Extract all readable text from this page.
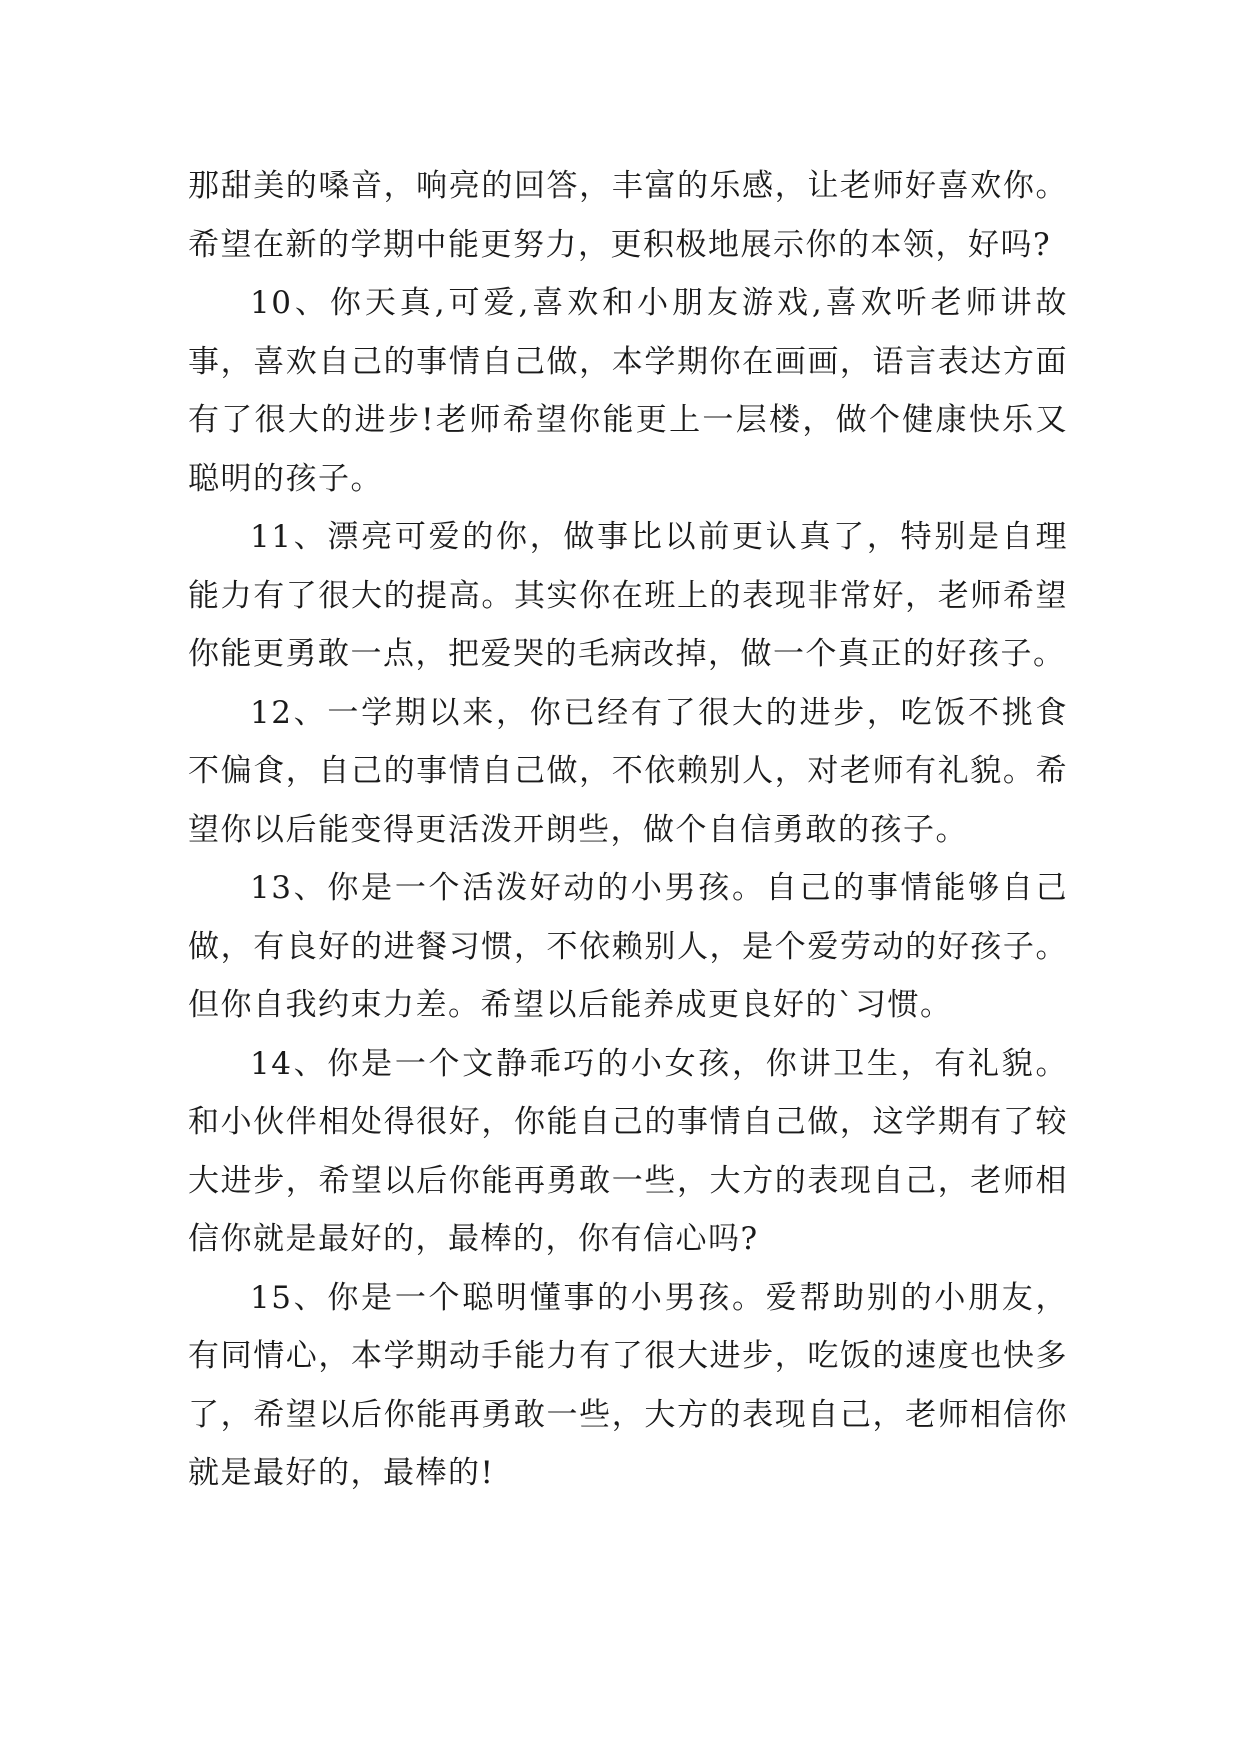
那甜美的嗓音，响亮的回答，丰富的乐感，让老师好喜欢你。希望在新的学期中能更努力，更积极地展示你的本领，好吗?

10、你天真,可爱,喜欢和小朋友游戏,喜欢听老师讲故事，喜欢自己的事情自己做，本学期你在画画，语言表达方面有了很大的进步!老师希望你能更上一层楼，做个健康快乐又聪明的孩子。

11、漂亮可爱的你，做事比以前更认真了，特别是自理能力有了很大的提高。其实你在班上的表现非常好，老师希望你能更勇敢一点，把爱哭的毛病改掉，做一个真正的好孩子。

12、一学期以来，你已经有了很大的进步，吃饭不挑食不偏食，自己的事情自己做，不依赖别人，对老师有礼貌。希望你以后能变得更活泼开朗些，做个自信勇敢的孩子。

13、你是一个活泼好动的小男孩。自己的事情能够自己做，有良好的进餐习惯，不依赖别人，是个爱劳动的好孩子。但你自我约束力差。希望以后能养成更良好的`习惯。

14、你是一个文静乖巧的小女孩，你讲卫生，有礼貌。和小伙伴相处得很好，你能自己的事情自己做，这学期有了较大进步，希望以后你能再勇敢一些，大方的表现自己，老师相信你就是最好的，最棒的，你有信心吗?

15、你是一个聪明懂事的小男孩。爱帮助别的小朋友，有同情心，本学期动手能力有了很大进步，吃饭的速度也快多了，希望以后你能再勇敢一些，大方的表现自己，老师相信你就是最好的，最棒的!
